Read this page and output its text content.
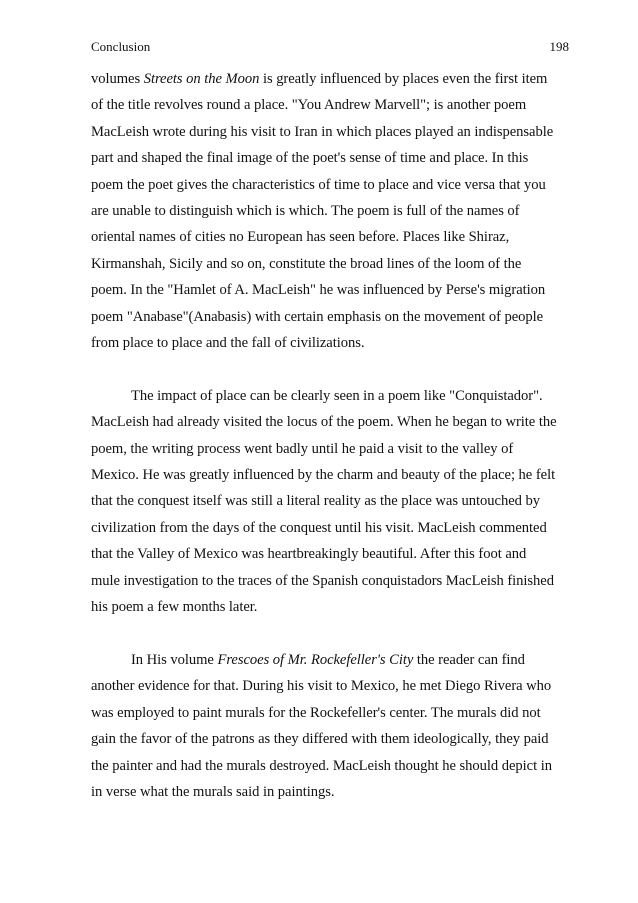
Conclusion	198
volumes Streets on the Moon is greatly influenced by places even the first item
of the title revolves round a place. "You Andrew Marvell"; is another poem
MacLeish wrote during his visit to Iran in which places played an indispensable
part and shaped the final image of the poet's sense of time and place. In this
poem the poet gives the characteristics of time to place and vice versa that you
are unable to distinguish which is which. The poem is full of the names of
oriental names of cities no European has seen before. Places like Shiraz,
Kirmanshah, Sicily and so on, constitute the broad lines of the loom of the
poem. In the "Hamlet of A. MacLeish" he was influenced by Perse's migration
poem "Anabase"(Anabasis) with certain emphasis on the movement of people
from place to place and the fall of civilizations.
The impact of place can be clearly seen in a poem like "Conquistador".
MacLeish had already visited the locus of the poem. When he began to write the
poem, the writing process went badly until he paid a visit to the valley of
Mexico. He was greatly influenced by the charm and beauty of the place; he felt
that the conquest itself was still a literal reality as the place was untouched by
civilization from the days of the conquest until his visit. MacLeish commented
that the Valley of Mexico was heartbreakingly beautiful. After this foot and
mule investigation to the traces of the Spanish conquistadors MacLeish finished
his poem a few months later.
In His volume Frescoes of Mr. Rockefeller's City the reader can find
another evidence for that. During his visit to Mexico, he met Diego Rivera who
was employed to paint murals for the Rockefeller's center. The murals did not
gain the favor of the patrons as they differed with them ideologically, they paid
the painter and had the murals destroyed. MacLeish thought he should depict in
in verse what the murals said in paintings.
